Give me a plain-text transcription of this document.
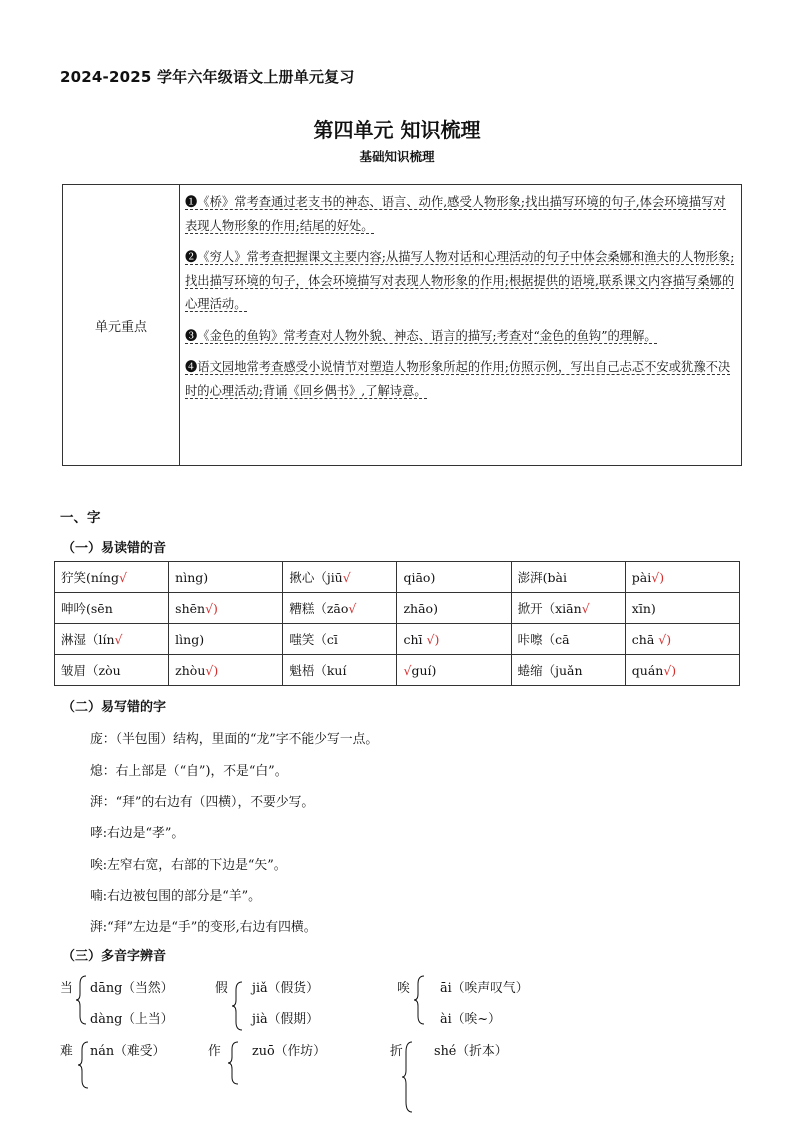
2024-2025 学年六年级语文上册单元复习
第四单元 知识梳理
基础知识梳理
单元重点

❶《桥》常考查通过老支书的神态、语言、动作,感受人物形象;找出描写环境的句子,体会环境描写对表现人物形象的作用;结尾的好处。

❷《穷人》常考查把握课文主要内容;从描写人物对话和心理活动的句子中体会桑娜和渔夫的人物形象;找出描写环境的句子，体会环境描写对表现人物形象的作用;根据提供的语境,联系课文内容描写桑娜的心理活动。

❸《金色的鱼钩》常考查对人物外貌、神态、语言的描写;考查对“金色的鱼钩”的理解。

❹语文园地常考查感受小说情节对塑造人物形象所起的作用;仿照示例，写出自己忐忑不安或犹豫不决时的心理活动;背诵《回乡偶书》,了解诗意。

一、字
（一）易读错的音
狞笑(níng√	nìng)	揪心（jiū√	qiāo)	澎湃(bài	pài√)
呻吟(sēn	shēn√)	糟糕（zāo√	zhāo)	掀开（xiān√	xīn)
淋湿（lín√	lìng)	嗤笑（cī	chī √)	咔嚓（cā	chā √)
皱眉（zòu	zhòu√)	魁梧（kuí	√guí)	蜷缩（juǎn	quán√)
（二）易写错的字
庞：（半包围）结构，里面的“龙”字不能少写一点。
熄：右上部是（“自”)，不是“白”。
湃：“拜”的右边有（四横），不要少写。
哮:右边是“孝”。
唉:左窄右宽，右部的下边是“矢”。
喃:右边被包围的部分是“羊”。
湃:“拜”左边是“手”的变形,右边有四横。
（三）多音字辨音
当 dāng（当然）
dàng（上当）
假 jiǎ（假货）
jià（假期）
唉 āi（唉声叹气）
ài（唉~）
难 nán（难受）	作 zuō（作坊）	折 shé（折本）
